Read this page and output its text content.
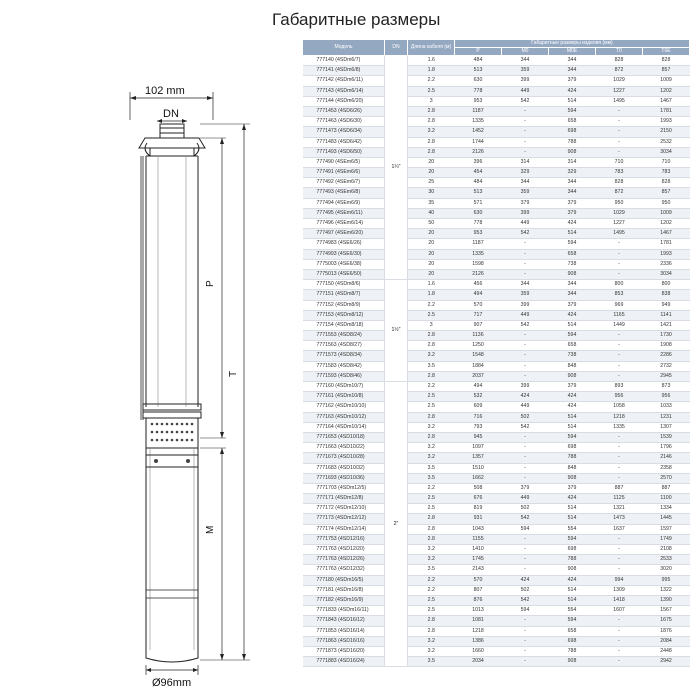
Габаритные размеры
102 mm
DN
P
T
M
Ø96mm
Модель	DN	Длина кабеля (м)	Габаритные размеры изделия (мм)				
			P	M0	M0E	T0	T0E
777140 (4SDm6/7)	1¼"	1.6	484	344	344	828	828
777141 (4SDm6/8)		1.8	513	359	344	872	857
777142 (4SDm6/11)		2.2	630	399	379	1029	1009
777143 (4SDm6/14)		2.5	778	449	424	1227	1202
777144 (4SDm6/20)		3	953	542	514	1495	1467
7771453 (4SD6/26)		2.8	1187	-	594	-	1781
7771463 (4SD6/30)		2.8	1335	-	658	-	1993
7771473 (4SD6/34)		3.2	1452	-	698	-	2150
7771483 (4SD6/42)		2.8	1744	-	788	-	2532
7771493 (4SD6/50)		2.8	2126	-	908	-	3034
777490 (4SEm6/5)		20	396	314	314	710	710
777491 (4SEm6/6)		20	454	329	329	783	783
777492 (4SEm6/7)		25	484	344	344	828	828
777493 (4SEm6/8)		30	513	359	344	872	857
777494 (4SEm6/9)		35	571	379	379	950	950
777495 (4SEm6/11)		40	630	399	379	1029	1009
777496 (4SEm6/14)		50	778	449	424	1227	1202
777497 (4SEm6/20)		20	953	542	514	1495	1467
7774983 (4SE6/26)		20	1187	-	594	-	1781
7774993 (4SE6/30)		20	1335	-	658	-	1993
7775003 (4SE6/38)		20	1598	-	738	-	2336
7775013 (4SE6/50)		20	2126	-	908	-	3034
777150 (4SDm8/6)	1½"	1.6	456	344	344	800	800
777151 (4SDm8/7)		1.8	494	359	344	853	838
777152 (4SDm8/9)		2.2	570	399	379	969	949
777153 (4SDm8/12)		2.5	717	449	424	1165	1141
777154 (4SDm8/18)		3	907	542	514	1449	1421
7771553 (4SD8/24)		2.8	1136	-	594	-	1730
7771563 (4SD8/27)		2.8	1250	-	658	-	1908
7771573 (4SD8/34)		3.2	1548	-	738	-	2286
7771583 (4SD8/42)		3.5	1884	-	848	-	2732
7771593 (4SD8/46)		2.8	2037	-	908	-	2945
777160 (4SDm10/7)	2"	2.2	494	399	379	893	873
777161 (4SDm10/8)		2.5	532	424	424	956	956
777162 (4SDm10/10)		2.5	609	449	424	1058	1033
777163 (4SDm10/12)		2.8	716	502	514	1218	1231
777164 (4SDm10/14)		3.2	793	542	514	1335	1307
7771653 (4SD10/18)		2.8	945	-	594	-	1539
7771663 (4SD10/22)		3.2	1097	-	698	-	1796
7771673 (4SD10/28)		3.2	1357	-	788	-	2146
7771683 (4SD10/32)		3.5	1510	-	848	-	2358
7771693 (4SD10/36)		3.5	1662	-	908	-	2570
7771703 (4SDm12/5)		2.2	508	379	379	887	887
777171 (4SDm12/8)		2.5	676	449	424	1125	1100
777172 (4SDm12/10)		2.5	819	502	514	1321	1334
777173 (4SDm12/12)		2.8	931	542	514	1473	1445
777174 (4SDm12/14)		2.8	1043	594	554	1637	1597
7771753 (4SD12/16)		2.8	1155	-	594	-	1749
7771763 (4SD12/20)		3.2	1410	-	698	-	2108
7771763 (4SD12/26)		3.2	1745	-	788	-	2533
7771763 (4SD12/32)		3.5	2143	-	908	-	3020
777180 (4SDm16/5)		2.2	570	424	424	994	995
777181 (4SDm16/8)		2.2	807	502	514	1309	1322
777182 (4SDm16/9)		2.5	876	542	514	1418	1390
7771833 (4SDm16/11)		2.5	1013	594	554	1607	1567
7771843 (4SD16/12)		2.8	1081	-	594	-	1675
7771853 (4SD16/14)		2.8	1218	-	658	-	1876
7771863 (4SD16/16)		3.2	1386	-	698	-	2084
7771873 (4SD16/20)		3.2	1660	-	788	-	2448
7771883 (4SD16/24)		3.5	2034	-	908	-	2942
